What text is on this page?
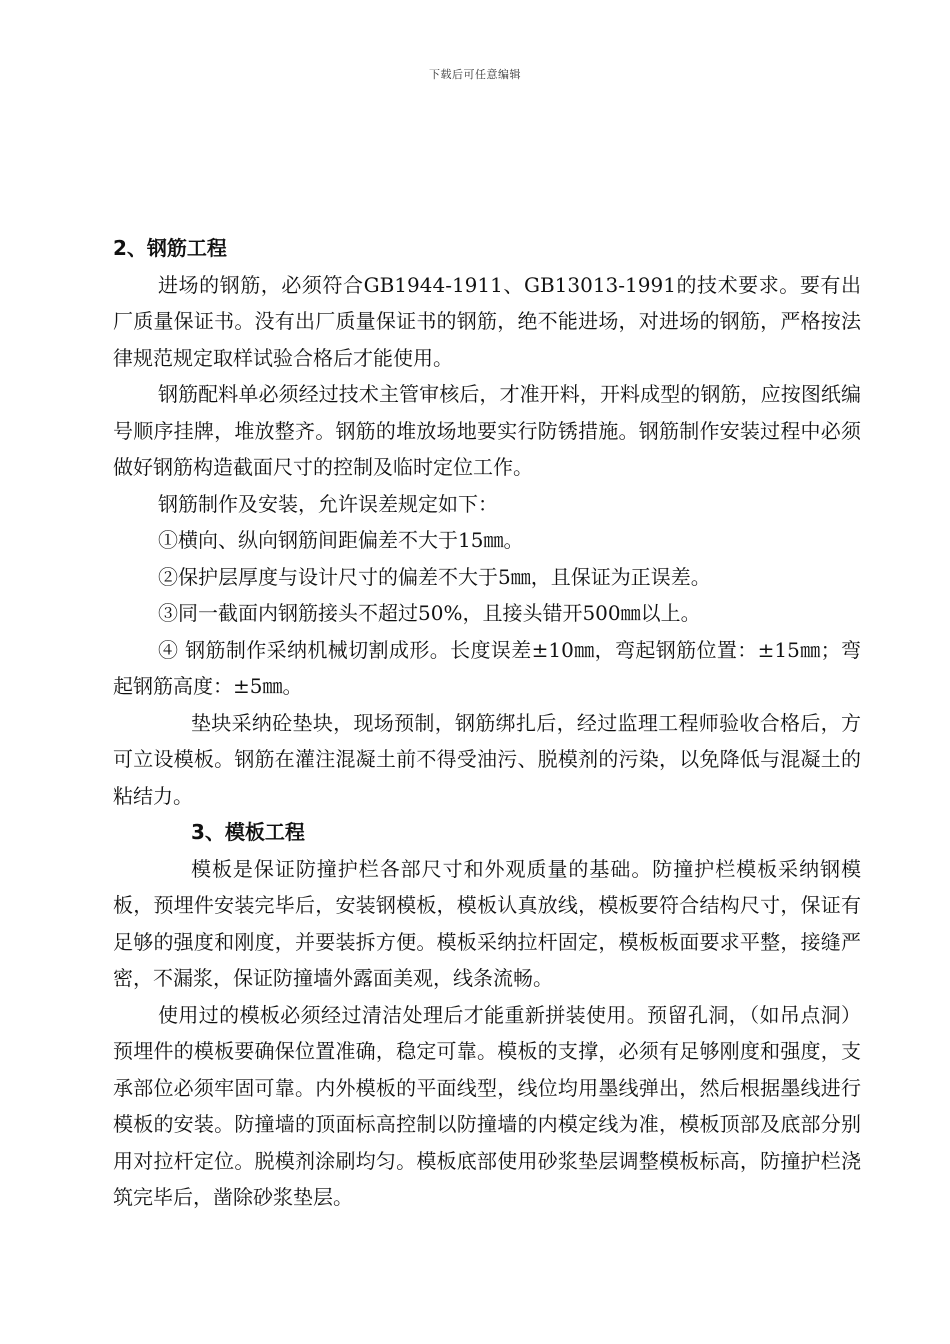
下载后可任意编辑

2、钢筋工程

进场的钢筋，必须符合GB1944-1911、GB13013-1991的技术要求。要有出厂质量保证书。没有出厂质量保证书的钢筋，绝不能进场，对进场的钢筋，严格按法律规范规定取样试验合格后才能使用。

钢筋配料单必须经过技术主管审核后，才准开料，开料成型的钢筋，应按图纸编号顺序挂牌，堆放整齐。钢筋的堆放场地要实行防锈措施。钢筋制作安装过程中必须做好钢筋构造截面尺寸的控制及临时定位工作。

钢筋制作及安装，允许误差规定如下：

①横向、纵向钢筋间距偏差不大于15㎜。

②保护层厚度与设计尺寸的偏差不大于5㎜，且保证为正误差。

③同一截面内钢筋接头不超过50%，且接头错开500㎜以上。

④ 钢筋制作采纳机械切割成形。长度误差±10㎜，弯起钢筋位置：±15㎜；弯起钢筋高度：±5㎜。

垫块采纳砼垫块，现场预制，钢筋绑扎后，经过监理工程师验收合格后，方可立设模板。钢筋在灌注混凝土前不得受油污、脱模剂的污染，以免降低与混凝土的粘结力。

3、模板工程

模板是保证防撞护栏各部尺寸和外观质量的基础。防撞护栏模板采纳钢模板，预埋件安装完毕后，安装钢模板，模板认真放线，模板要符合结构尺寸，保证有足够的强度和刚度，并要装拆方便。模板采纳拉杆固定，模板板面要求平整，接缝严密，不漏浆，保证防撞墙外露面美观，线条流畅。

使用过的模板必须经过清洁处理后才能重新拼装使用。预留孔洞，（如吊点洞）预埋件的模板要确保位置准确，稳定可靠。模板的支撑，必须有足够刚度和强度，支承部位必须牢固可靠。内外模板的平面线型，线位均用墨线弹出，然后根据墨线进行模板的安装。防撞墙的顶面标高控制以防撞墙的内模定线为准，模板顶部及底部分别用对拉杆定位。脱模剂涂刷均匀。模板底部使用砂浆垫层调整模板标高，防撞护栏浇筑完毕后，凿除砂浆垫层。
